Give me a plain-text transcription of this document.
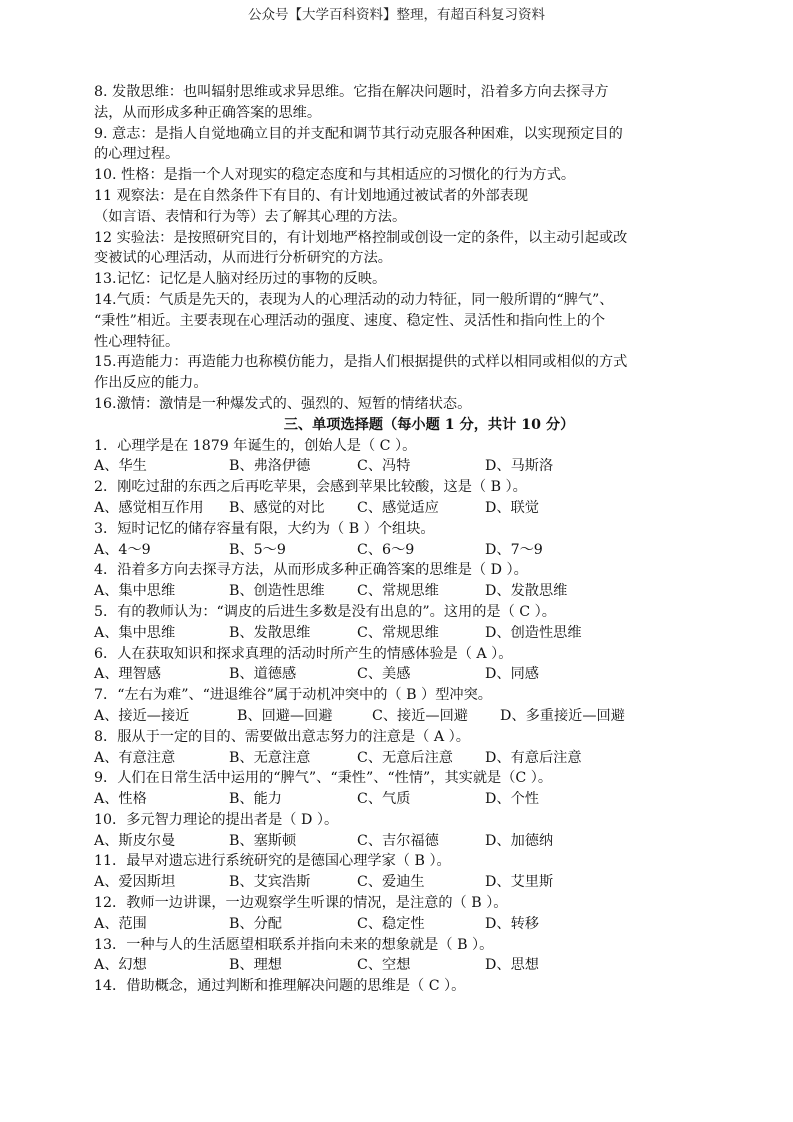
公众号【大学百科资料】整理，有超百科复习资料
8. 发散思维：也叫辐射思维或求异思维。它指在解决问题时，沿着多方向去探寻方
法，从而形成多种正确答案的思维。
9. 意志：是指人自觉地确立目的并支配和调节其行动克服各种困难，以实现预定目的
的心理过程。
10. 性格：是指一个人对现实的稳定态度和与其相适应的习惯化的行为方式。
11 观察法：是在自然条件下有目的、有计划地通过被试者的外部表现
（如言语、表情和行为等）去了解其心理的方法。
12 实验法：是按照研究目的，有计划地严格控制或创设一定的条件，以主动引起或改
变被试的心理活动，从而进行分析研究的方法。
13.记忆：记忆是人脑对经历过的事物的反映。
14.气质：气质是先天的，表现为人的心理活动的动力特征，同一般所谓的“脾气”、
“秉性”相近。主要表现在心理活动的强度、速度、稳定性、灵活性和指向性上的个
性心理特征。
15.再造能力：再造能力也称模仿能力，是指人们根据提供的式样以相同或相似的方式
作出反应的能力。
16.激情：激情是一种爆发式的、强烈的、短暂的情绪状态。
三、单项选择题（每小题 1 分，共计 10 分）
1．心理学是在 1879 年诞生的，创始人是（ C ）。
A、华生	B、弗洛伊德	C、冯特	D、马斯洛
2．刚吃过甜的东西之后再吃苹果，会感到苹果比较酸，这是（ B ）。
A、感觉相互作用	B、感觉的对比	C、感觉适应	D、联觉
3．短时记忆的储存容量有限，大约为（ B ）个组块。
A、4～9	B、5～9	C、6～9	D、7～9
4．沿着多方向去探寻方法，从而形成多种正确答案的思维是（ D ）。
A、集中思维	B、创造性思维	C、常规思维	D、发散思维
5．有的教师认为：“调皮的后进生多数是没有出息的”。这用的是（ C ）。
A、集中思维	B、发散思维	C、常规思维	D、创造性思维
6．人在获取知识和探求真理的活动时所产生的情感体验是（ A ）。
A、理智感	B、道德感	C、美感	D、同感
7．“左右为难”、“进退维谷”属于动机冲突中的（ B ）型冲突。
A、接近—接近	B、回避—回避	C、接近—回避	D、多重接近—回避
8．服从于一定的目的、需要做出意志努力的注意是（ A ）。
A、有意注意	B、无意注意	C、无意后注意	D、有意后注意
9．人们在日常生活中运用的“脾气”、“秉性”、“性情”，其实就是（C ）。
A、性格	B、能力	C、气质	D、个性
10．多元智力理论的提出者是（ D ）。
A、斯皮尔曼	B、塞斯顿	C、吉尔福德	D、加德纳
11．最早对遗忘进行系统研究的是德国心理学家（ B ）。
A、爱因斯坦	B、艾宾浩斯	C、爱迪生	D、艾里斯
12．教师一边讲课，一边观察学生听课的情况，是注意的（ B ）。
A、范围	B、分配	C、稳定性	D、转移
13．一种与人的生活愿望相联系并指向未来的想象就是（ B ）。
A、幻想	B、理想	C、空想	D、思想
14．借助概念，通过判断和推理解决问题的思维是（ C ）。
